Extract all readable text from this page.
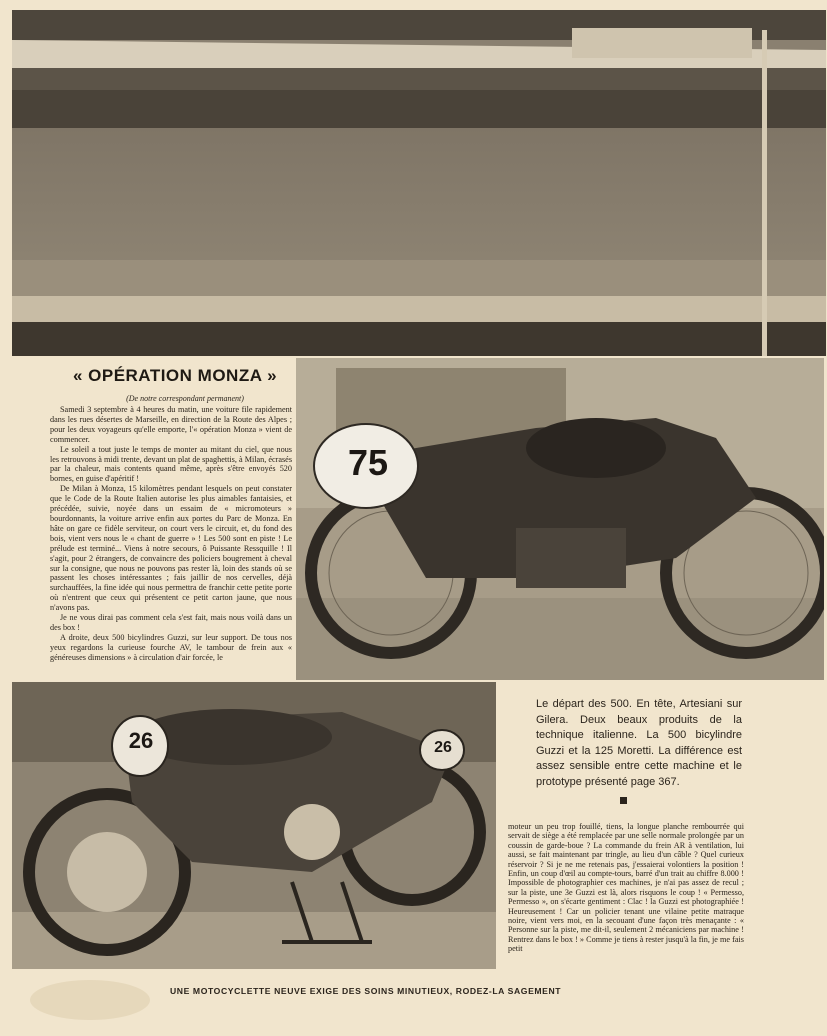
« OPÉRATION MONZA »
(De notre correspondant permanent)

Samedi 3 septembre à 4 heures du matin, une voiture file rapidement dans les rues désertes de Marseille, en direction de la Route des Alpes ; pour les deux voyageurs qu'elle emporte, l'« opération Monza » vient de commencer.

Le soleil a tout juste le temps de monter au mitant du ciel, que nous les retrouvons à midi trente, devant un plat de spaghettis, à Milan, écrasés par la chaleur, mais contents quand même, après s'être envoyés 520 bornes, en guise d'apéritif !

De Milan à Monza, 15 kilomètres pendant lesquels on peut constater que le Code de la Route Italien autorise les plus aimables fantaisies, et précédée, suivie, noyée dans un essaim de « micromoteurs » bourdonnants, la voiture arrive enfin aux portes du Parc de Monza. En hâte on gare ce fidèle serviteur, on court vers le circuit, et, du fond des bois, vient vers nous le « chant de guerre » ! Les 500 sont en piste ! Le prélude est terminé... Viens à notre secours, ô Puissante Ressquille ! Il s'agit, pour 2 étrangers, de convaincre des policiers bougrement à cheval sur la consigne, que nous ne pouvons pas rester là, loin des stands où se passent les choses intéressantes ; fais jaillir de nos cervelles, déjà surchauffées, la fine idée qui nous permettra de franchir cette petite porte où n'entrent que ceux qui présentent ce petit carton jaune, que nous n'avons pas.

Je ne vous dirai pas comment cela s'est fait, mais nous voilà dans un des box !

A droite, deux 500 bicylindres Guzzi, sur leur support. De tous nos yeux regardons la curieuse fourche AV, le tambour de frein aux « généreuses dimensions » à circulation d'air forcée, le

75
26	26
Le départ des 500. En tête, Artesiani sur Gilera. Deux beaux produits de la technique italienne. La 500 bicylindre Guzzi et la 125 Moretti. La différence est assez sensible entre cette machine et le prototype présenté page 367.
moteur un peu trop fouillé, tiens, la longue planche rembourrée qui servait de siège a été remplacée par une selle normale prolongée par un coussin de garde-boue ? La commande du frein AR à ventilation, lui aussi, se fait maintenant par tringle, au lieu d'un câble ? Quel curieux réservoir ? Si je ne me retenais pas, j'essaierai volontiers la position ! Enfin, un coup d'œil au compte-tours, barré d'un trait au chiffre 8.000 ! Impossible de photographier ces machines, je n'ai pas assez de recul ; sur la piste, une 3e Guzzi est là, alors risquons le coup ! « Permesso, Permesso », on s'écarte gentiment : Clac ! la Guzzi est photographiée ! Heureusement ! Car un policier tenant une vilaine petite matraque noire, vient vers moi, en la secouant d'une façon très menaçante : « Personne sur la piste, me dit-il, seulement 2 mécaniciens par machine ! Rentrez dans le box ! » Comme je tiens à rester jusqu'à la fin, je me fais petit
UNE MOTOCYCLETTE NEUVE EXIGE DES SOINS MINUTIEUX, RODEZ-LA SAGEMENT
